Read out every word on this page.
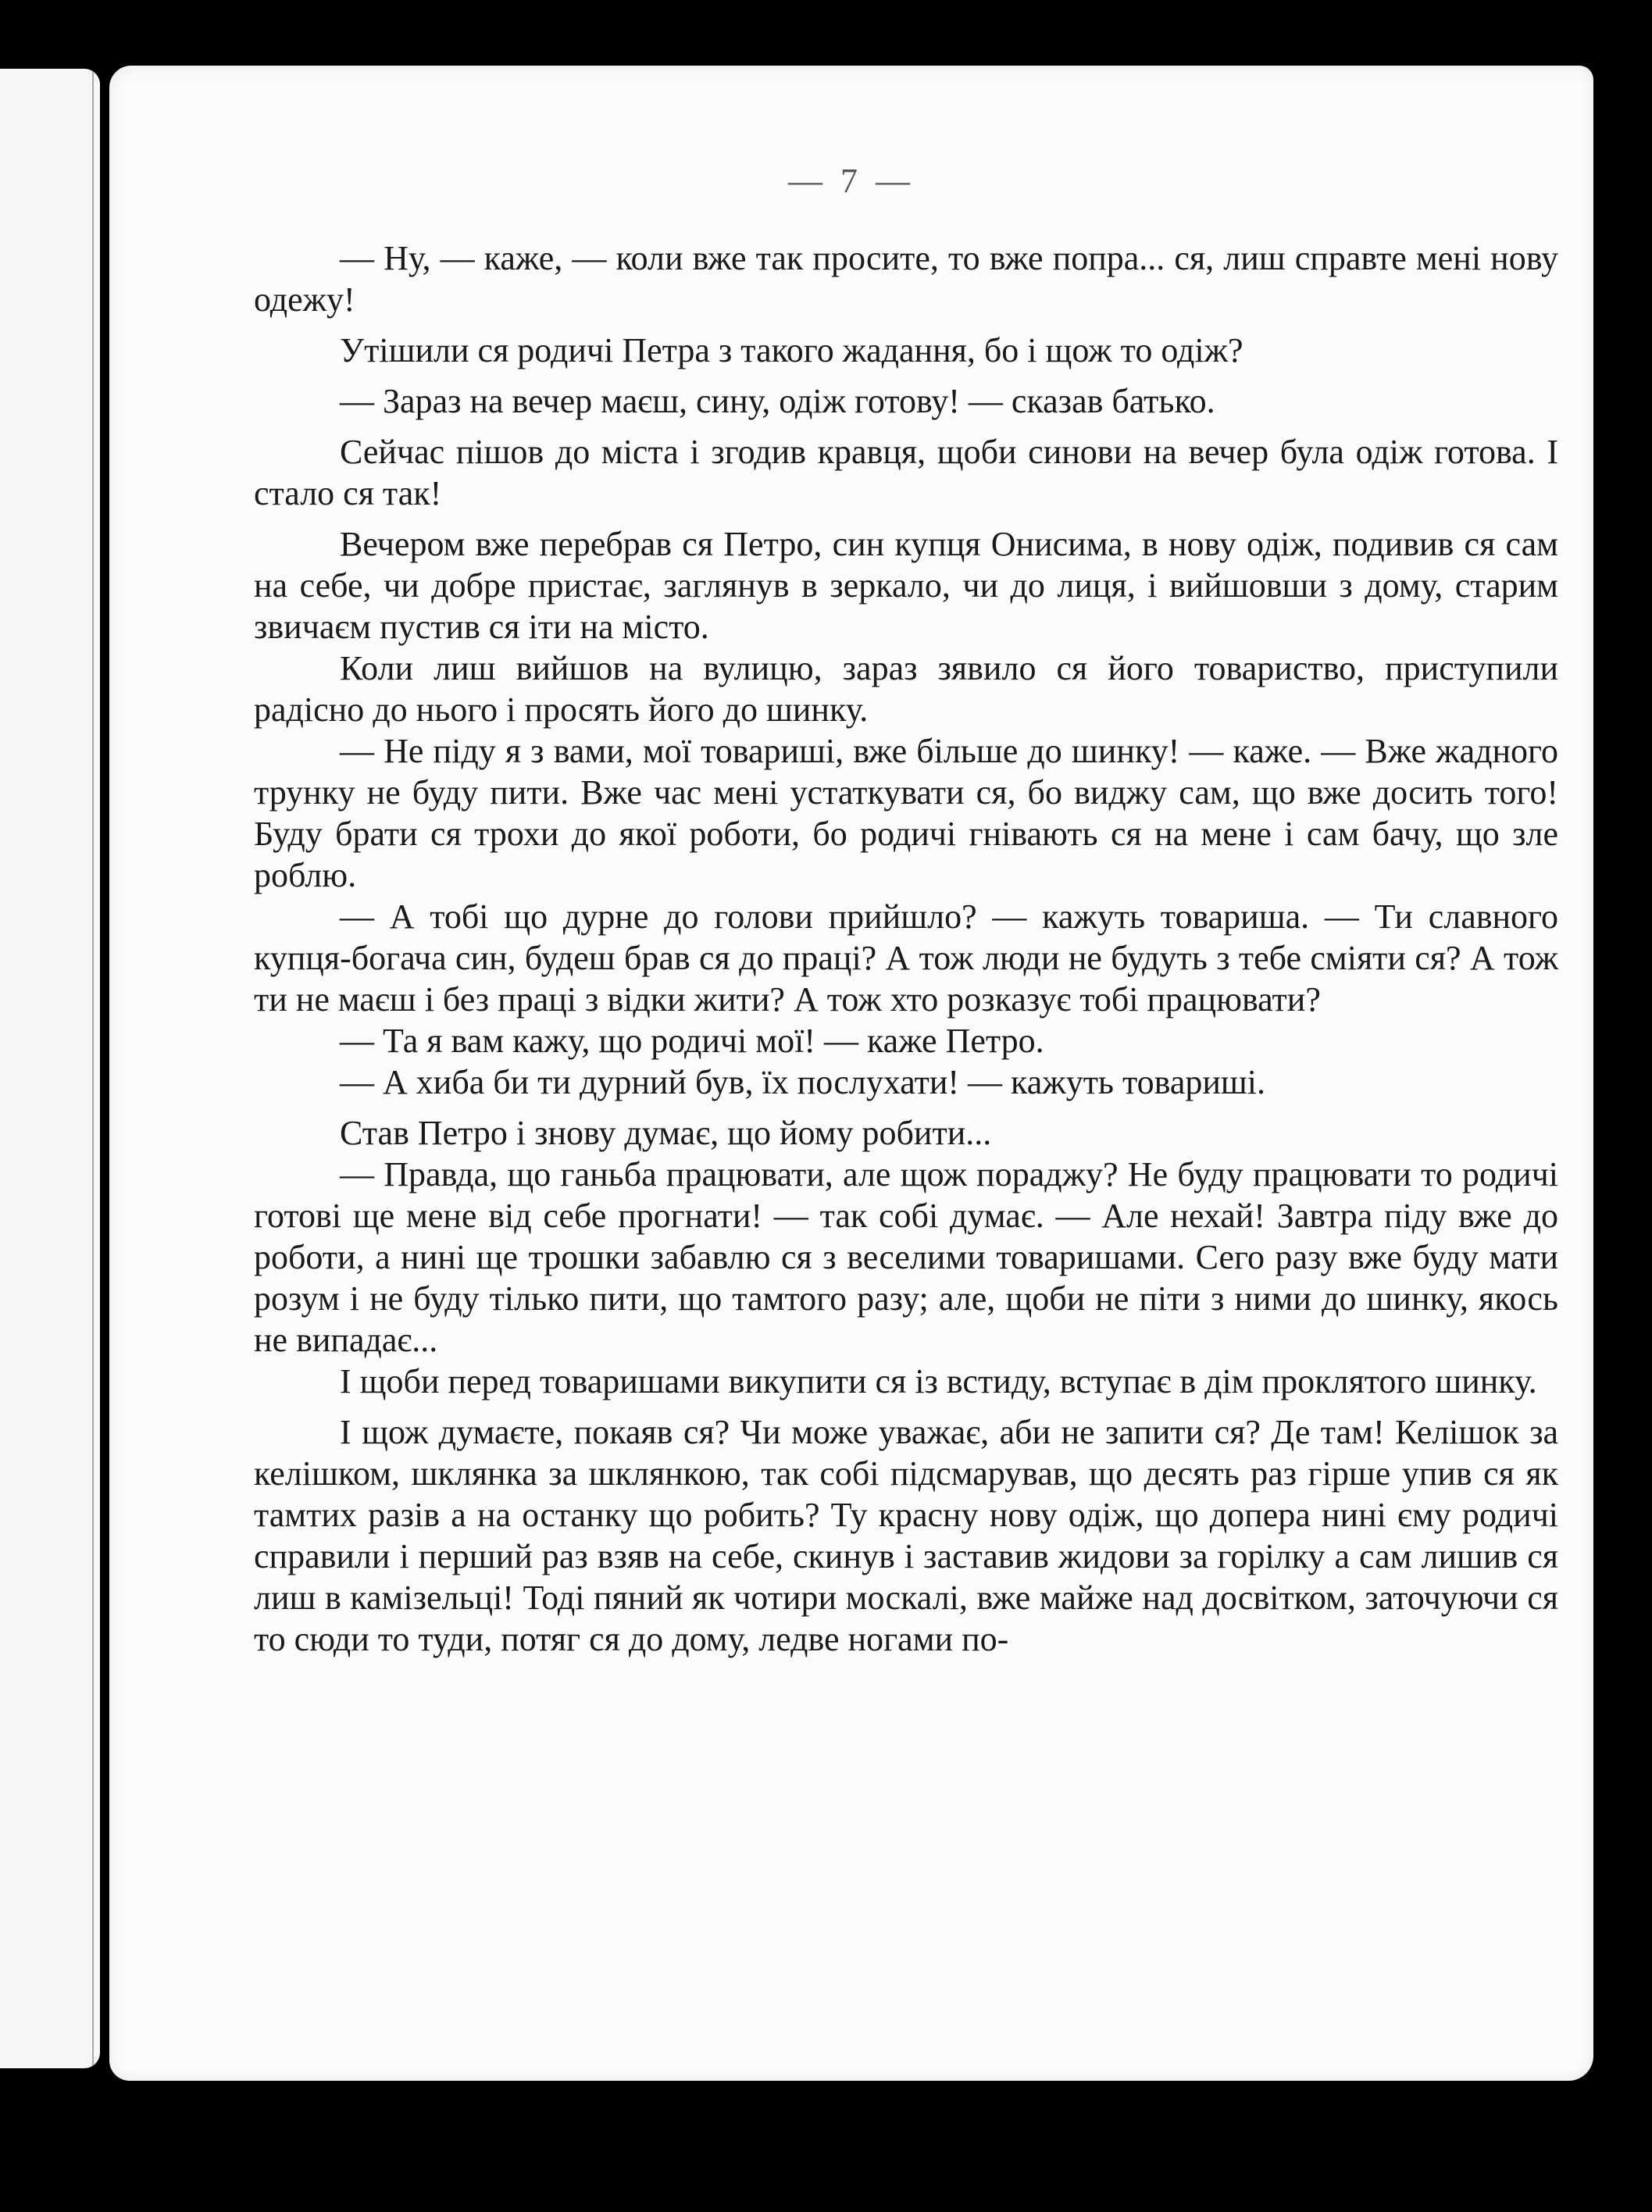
— 7 —

— Ну, — каже, — коли вже так просите, то вже попра... ся, лиш справте мені нову одежу!

Утішили ся родичі Петра з такого жадання, бо і щож то одіж?

— Зараз на вечер маєш, сину, одіж готову! — сказав батько.

Сейчас пішов до міста і згодив кравця, щоби синови на вечер була одіж готова. І стало ся так!

Вечером вже перебрав ся Петро, син купця Онисима, в нову одіж, подивив ся сам на себе, чи добре пристає, заглянув в зеркало, чи до лиця, і вийшовши з дому, старим звичаєм пустив ся іти на місто.

Коли лиш вийшов на вулицю, зараз зявило ся його товариство, приступили радісно до нього і просять його до шинку.

— Не піду я з вами, мої товариші, вже більше до шинку! — каже. — Вже жадного трунку не буду пити. Вже час мені устаткувати ся, бо виджу сам, що вже досить того! Буду брати ся трохи до якої роботи, бо родичі гнівають ся на мене і сам бачу, що зле роблю.

— А тобі що дурне до голови прийшло? — кажуть товариша. — Ти славного купця-богача син, будеш брав ся до праці? А тож люди не будуть з тебе сміяти ся? А тож ти не маєш і без праці з відки жити? А тож хто розказує тобі працювати?

— Та я вам кажу, що родичі мої! — каже Петро.

— А хиба би ти дурний був, їх послухати! — кажуть товариші.

Став Петро і знову думає, що йому робити...

— Правда, що ганьба працювати, але щож пораджу? Не буду працювати то родичі готові ще мене від себе прогнати! — так собі думає. — Але нехай! Завтра піду вже до роботи, а нині ще трошки забавлю ся з веселими товаришами. Сего разу вже буду мати розум і не буду тілько пити, що тамтого разу; але, щоби не піти з ними до шинку, якось не випадає...

І щоби перед товаришами викупити ся із встиду, вступає в дім проклятого шинку.

І щож думаєте, покаяв ся? Чи може уважає, аби не запити ся? Де там! Келішок за келішком, шклянка за шклянкою, так собі підсмарував, що десять раз гірше упив ся як тамтих разів а на останку що робить? Ту красну нову одіж, що допера нині єму родичі справили і перший раз взяв на себе, скинув і заставив жидови за горілку а сам лишив ся лиш в камізельці! Тоді пяний як чотири москалі, вже майже над досвітком, заточуючи ся то сюди то туди, потяг ся до дому, ледве ногами по-
